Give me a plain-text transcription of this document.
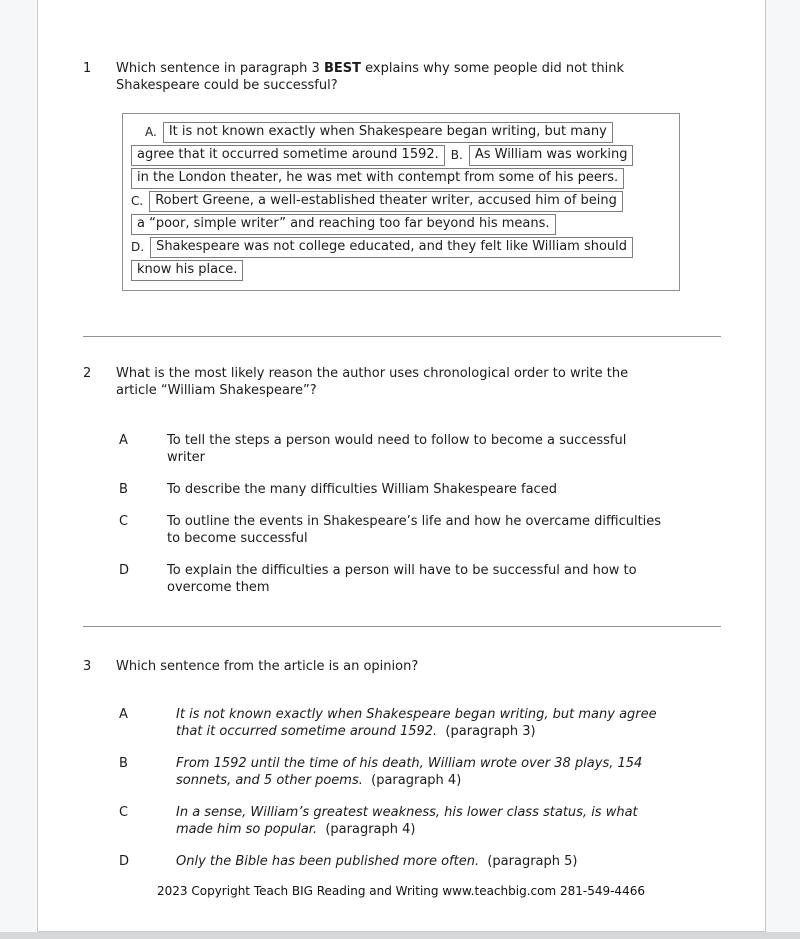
1	Which sentence in paragraph 3 BEST explains why some people did not think
Shakespeare could be successful?

A. It is not known exactly when Shakespeare began writing, but many
agree that it occurred sometime around 1592.	B. As William was working
in the London theater, he was met with contempt from some of his peers.
C. Robert Greene, a well-established theater writer, accused him of being
a “poor, simple writer” and reaching too far beyond his means.
D. Shakespeare was not college educated, and they felt like William should
know his place.
2	What is the most likely reason the author uses chronological order to write the
article “William Shakespeare”?

A	To tell the steps a person would need to follow to become a successful
writer
B	To describe the many difficulties William Shakespeare faced
C	To outline the events in Shakespeare’s life and how he overcame difficulties
to become successful
D	To explain the difficulties a person will have to be successful and how to
overcome them
3	Which sentence from the article is an opinion?

A	It is not known exactly when Shakespeare began writing, but many agree
that it occurred sometime around 1592.  (paragraph 3)
B	From 1592 until the time of his death, William wrote over 38 plays, 154
sonnets, and 5 other poems.  (paragraph 4)
C	In a sense, William’s greatest weakness, his lower class status, is what
made him so popular.  (paragraph 4)
D	Only the Bible has been published more often.  (paragraph 5)
2023 Copyright Teach BIG Reading and Writing www.teachbig.com 281-549-4466
